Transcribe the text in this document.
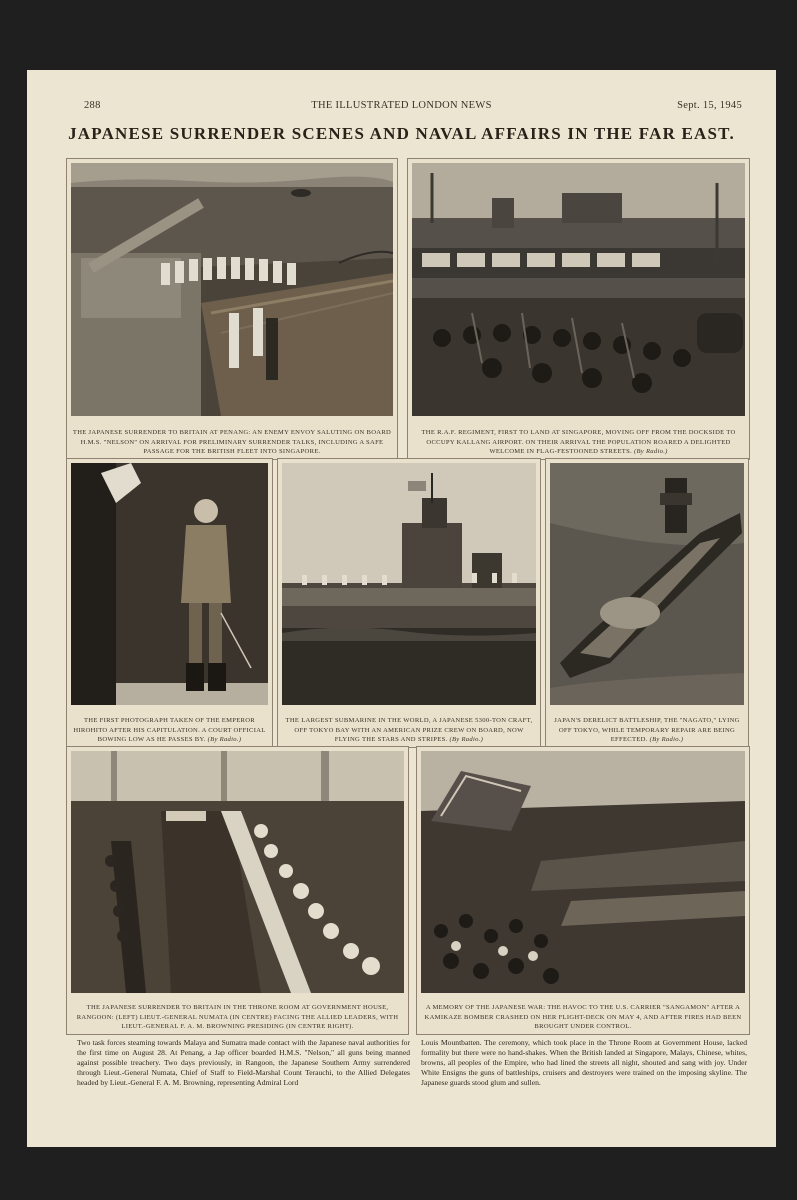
288	THE ILLUSTRATED LONDON NEWS	Sept. 15, 1945
JAPANESE SURRENDER SCENES AND NAVAL AFFAIRS IN THE FAR EAST.
THE JAPANESE SURRENDER TO BRITAIN AT PENANG: AN ENEMY ENVOY SALUTING ON BOARD H.M.S. "NELSON" ON ARRIVAL FOR PRELIMINARY SURRENDER TALKS, INCLUDING A SAFE PASSAGE FOR THE BRITISH FLEET INTO SINGAPORE.
THE R.A.F. REGIMENT, FIRST TO LAND AT SINGAPORE, MOVING OFF FROM THE DOCKSIDE TO OCCUPY KALLANG AIRPORT. ON THEIR ARRIVAL THE POPULATION ROARED A DELIGHTED WELCOME IN FLAG-FESTOONED STREETS. (By Radio.)
THE FIRST PHOTOGRAPH TAKEN OF THE EMPEROR HIROHITO AFTER HIS CAPITULATION. A COURT OFFICIAL BOWING LOW AS HE PASSES BY. (By Radio.)
THE LARGEST SUBMARINE IN THE WORLD, A JAPANESE 5300-TON CRAFT, OFF TOKYO BAY WITH AN AMERICAN PRIZE CREW ON BOARD, NOW FLYING THE STARS AND STRIPES. (By Radio.)
JAPAN'S DERELICT BATTLESHIP, THE "NAGATO," LYING OFF TOKYO, WHILE TEMPORARY REPAIR ARE BEING EFFECTED. (By Radio.)
THE JAPANESE SURRENDER TO BRITAIN IN THE THRONE ROOM AT GOVERNMENT HOUSE, RANGOON: (LEFT) LIEUT.-GENERAL NUMATA (IN CENTRE) FACING THE ALLIED LEADERS, WITH LIEUT.-GENERAL F. A. M. BROWNING PRESIDING (IN CENTRE RIGHT).
A MEMORY OF THE JAPANESE WAR: THE HAVOC TO THE U.S. CARRIER "SANGAMON" AFTER A KAMIKAZE BOMBER CRASHED ON HER FLIGHT-DECK ON MAY 4, AND AFTER FIRES HAD BEEN BROUGHT UNDER CONTROL.
Two task forces steaming towards Malaya and Sumatra made contact with the Japanese naval authorities for the first time on August 28. At Penang, a Jap officer boarded H.M.S. "Nelson," all guns being manned against possible treachery. Two days previously, in Rangoon, the Japanese Southern Army surrendered through Lieut.-General Numata, Chief of Staff to Field-Marshal Count Terauchi, to the Allied Delegates headed by Lieut.-General F. A. M. Browning, representing Admiral Lord
Louis Mountbatten. The ceremony, which took place in the Throne Room at Government House, lacked formality but there were no hand-shakes. When the British landed at Singapore, Malays, Chinese, whites, browns, all peoples of the Empire, who had lined the streets all night, shouted and sang with joy. Under White Ensigns the guns of battleships, cruisers and destroyers were trained on the imposing skyline. The Japanese guards stood glum and sullen.
